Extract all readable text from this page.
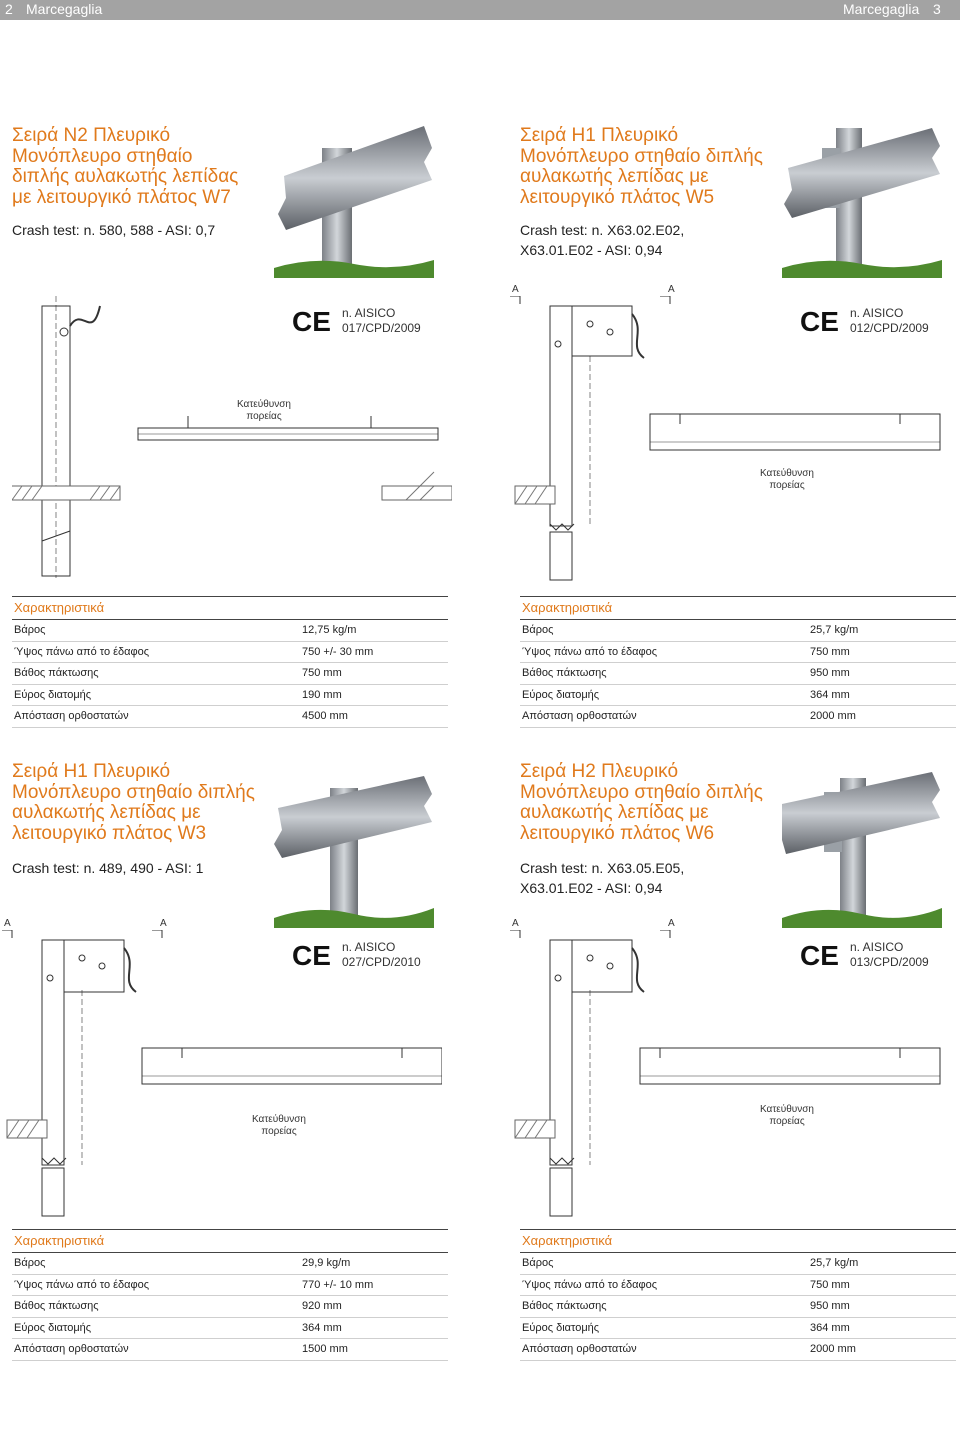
2 Marcegaglia	Marcegaglia 3
Σειρά Ν2 Πλευρικό
Μονόπλευρο στηθαίο
διπλής αυλακωτής λεπίδας
με λειτουργικό πλάτος W7
Crash test: n. 580, 588 - ASI: 0,7
CE n. AISICO
017/CPD/2009
Κατεύθυνση
πορείας
Χαρακτηριστικά
Βάρος	12,75 kg/m
Ύψος πάνω από το έδαφος	750 +/- 30 mm
Βάθος πάκτωσης	750 mm
Εύρος διατομής	190 mm
Απόσταση ορθοστατών	4500 mm
Σειρά Η1 Πλευρικό
Μονόπλευρο στηθαίο διπλής
αυλακωτής λεπίδας με
λειτουργικό πλάτος W5
Crash test: n. X63.02.E02,
X63.01.E02 - ASI: 0,94
CE n. AISICO
012/CPD/2009
A	A
Κατεύθυνση
πορείας
Χαρακτηριστικά
Βάρος	25,7 kg/m
Ύψος πάνω από το έδαφος	750 mm
Βάθος πάκτωσης	950 mm
Εύρος διατομής	364 mm
Απόσταση ορθοστατών	2000 mm
Σειρά Η1 Πλευρικό
Μονόπλευρο στηθαίο διπλής
αυλακωτής λεπίδας με
λειτουργικό πλάτος W3
Crash test: n. 489, 490 - ASI: 1
CE n. AISICO
027/CPD/2010
A	A
Κατεύθυνση
πορείας
Χαρακτηριστικά
Βάρος	29,9 kg/m
Ύψος πάνω από το έδαφος	770 +/- 10 mm
Βάθος πάκτωσης	920 mm
Εύρος διατομής	364 mm
Απόσταση ορθοστατών	1500 mm
Σειρά Η2 Πλευρικό
Μονόπλευρο στηθαίο διπλής
αυλακωτής λεπίδας με
λειτουργικό πλάτος W6
Crash test: n. X63.05.E05,
X63.01.E02 - ASI: 0,94
CE n. AISICO
013/CPD/2009
A	A
Κατεύθυνση
πορείας
Χαρακτηριστικά
Βάρος	25,7 kg/m
Ύψος πάνω από το έδαφος	750 mm
Βάθος πάκτωσης	950 mm
Εύρος διατομής	364 mm
Απόσταση ορθοστατών	2000 mm
